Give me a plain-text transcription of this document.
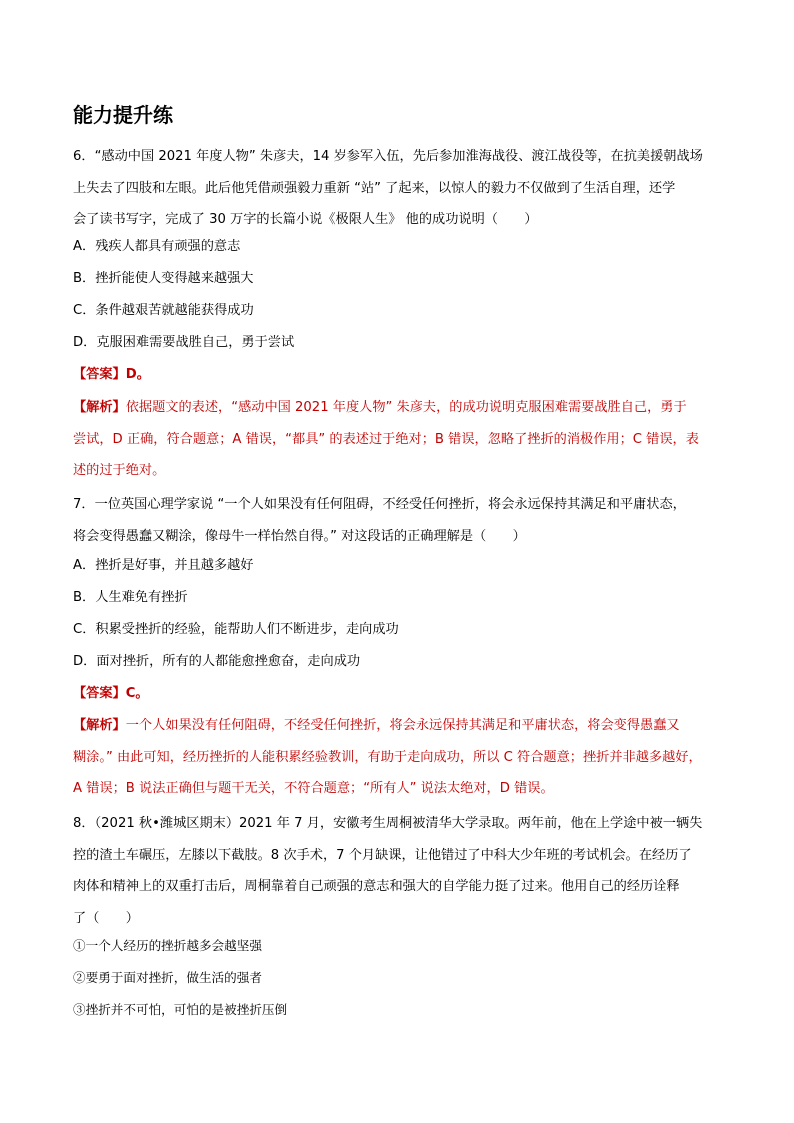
能力提升练
6．“感动中国 2021 年度人物” 朱彦夫，14 岁参军入伍，先后参加淮海战役、渡江战役等，在抗美援朝战场
上失去了四肢和左眼。此后他凭借顽强毅力重新 “站” 了起来，以惊人的毅力不仅做到了生活自理，还学
会了读书写字，完成了 30 万字的长篇小说《极限人生》 他的成功说明（　　）
A．残疾人都具有顽强的意志
B．挫折能使人变得越来越强大
C．条件越艰苦就越能获得成功
D．克服困难需要战胜自己，勇于尝试
【答案】D。
【解析】依据题文的表述，“感动中国 2021 年度人物” 朱彦夫，的成功说明克服困难需要战胜自己，勇于
尝试，D 正确，符合题意；A 错误，“都具” 的表述过于绝对；B 错误，忽略了挫折的消极作用；C 错误，表
述的过于绝对。
7．一位英国心理学家说 “一个人如果没有任何阻碍，不经受任何挫折，将会永远保持其满足和平庸状态，
将会变得愚蠢又糊涂，像母牛一样怡然自得。” 对这段话的正确理解是（　　）
A．挫折是好事，并且越多越好
B．人生难免有挫折
C．积累受挫折的经验，能帮助人们不断进步，走向成功
D．面对挫折，所有的人都能愈挫愈奋，走向成功
【答案】C。
【解析】一个人如果没有任何阻碍，不经受任何挫折，将会永远保持其满足和平庸状态，将会变得愚蠢又
糊涂。” 由此可知，经历挫折的人能积累经验教训，有助于走向成功，所以 C 符合题意；挫折并非越多越好，
A 错误；B 说法正确但与题干无关，不符合题意；“所有人” 说法太绝对，D 错误。
8．（2021 秋•潍城区期末）2021 年 7 月，安徽考生周桐被清华大学录取。两年前，他在上学途中被一辆失
控的渣土车碾压，左膝以下截肢。8 次手术，7 个月缺课，让他错过了中科大少年班的考试机会。在经历了
肉体和精神上的双重打击后，周桐靠着自己顽强的意志和强大的自学能力挺了过来。他用自己的经历诠释
了（　　）
①一个人经历的挫折越多会越坚强
②要勇于面对挫折，做生活的强者
③挫折并不可怕，可怕的是被挫折压倒
